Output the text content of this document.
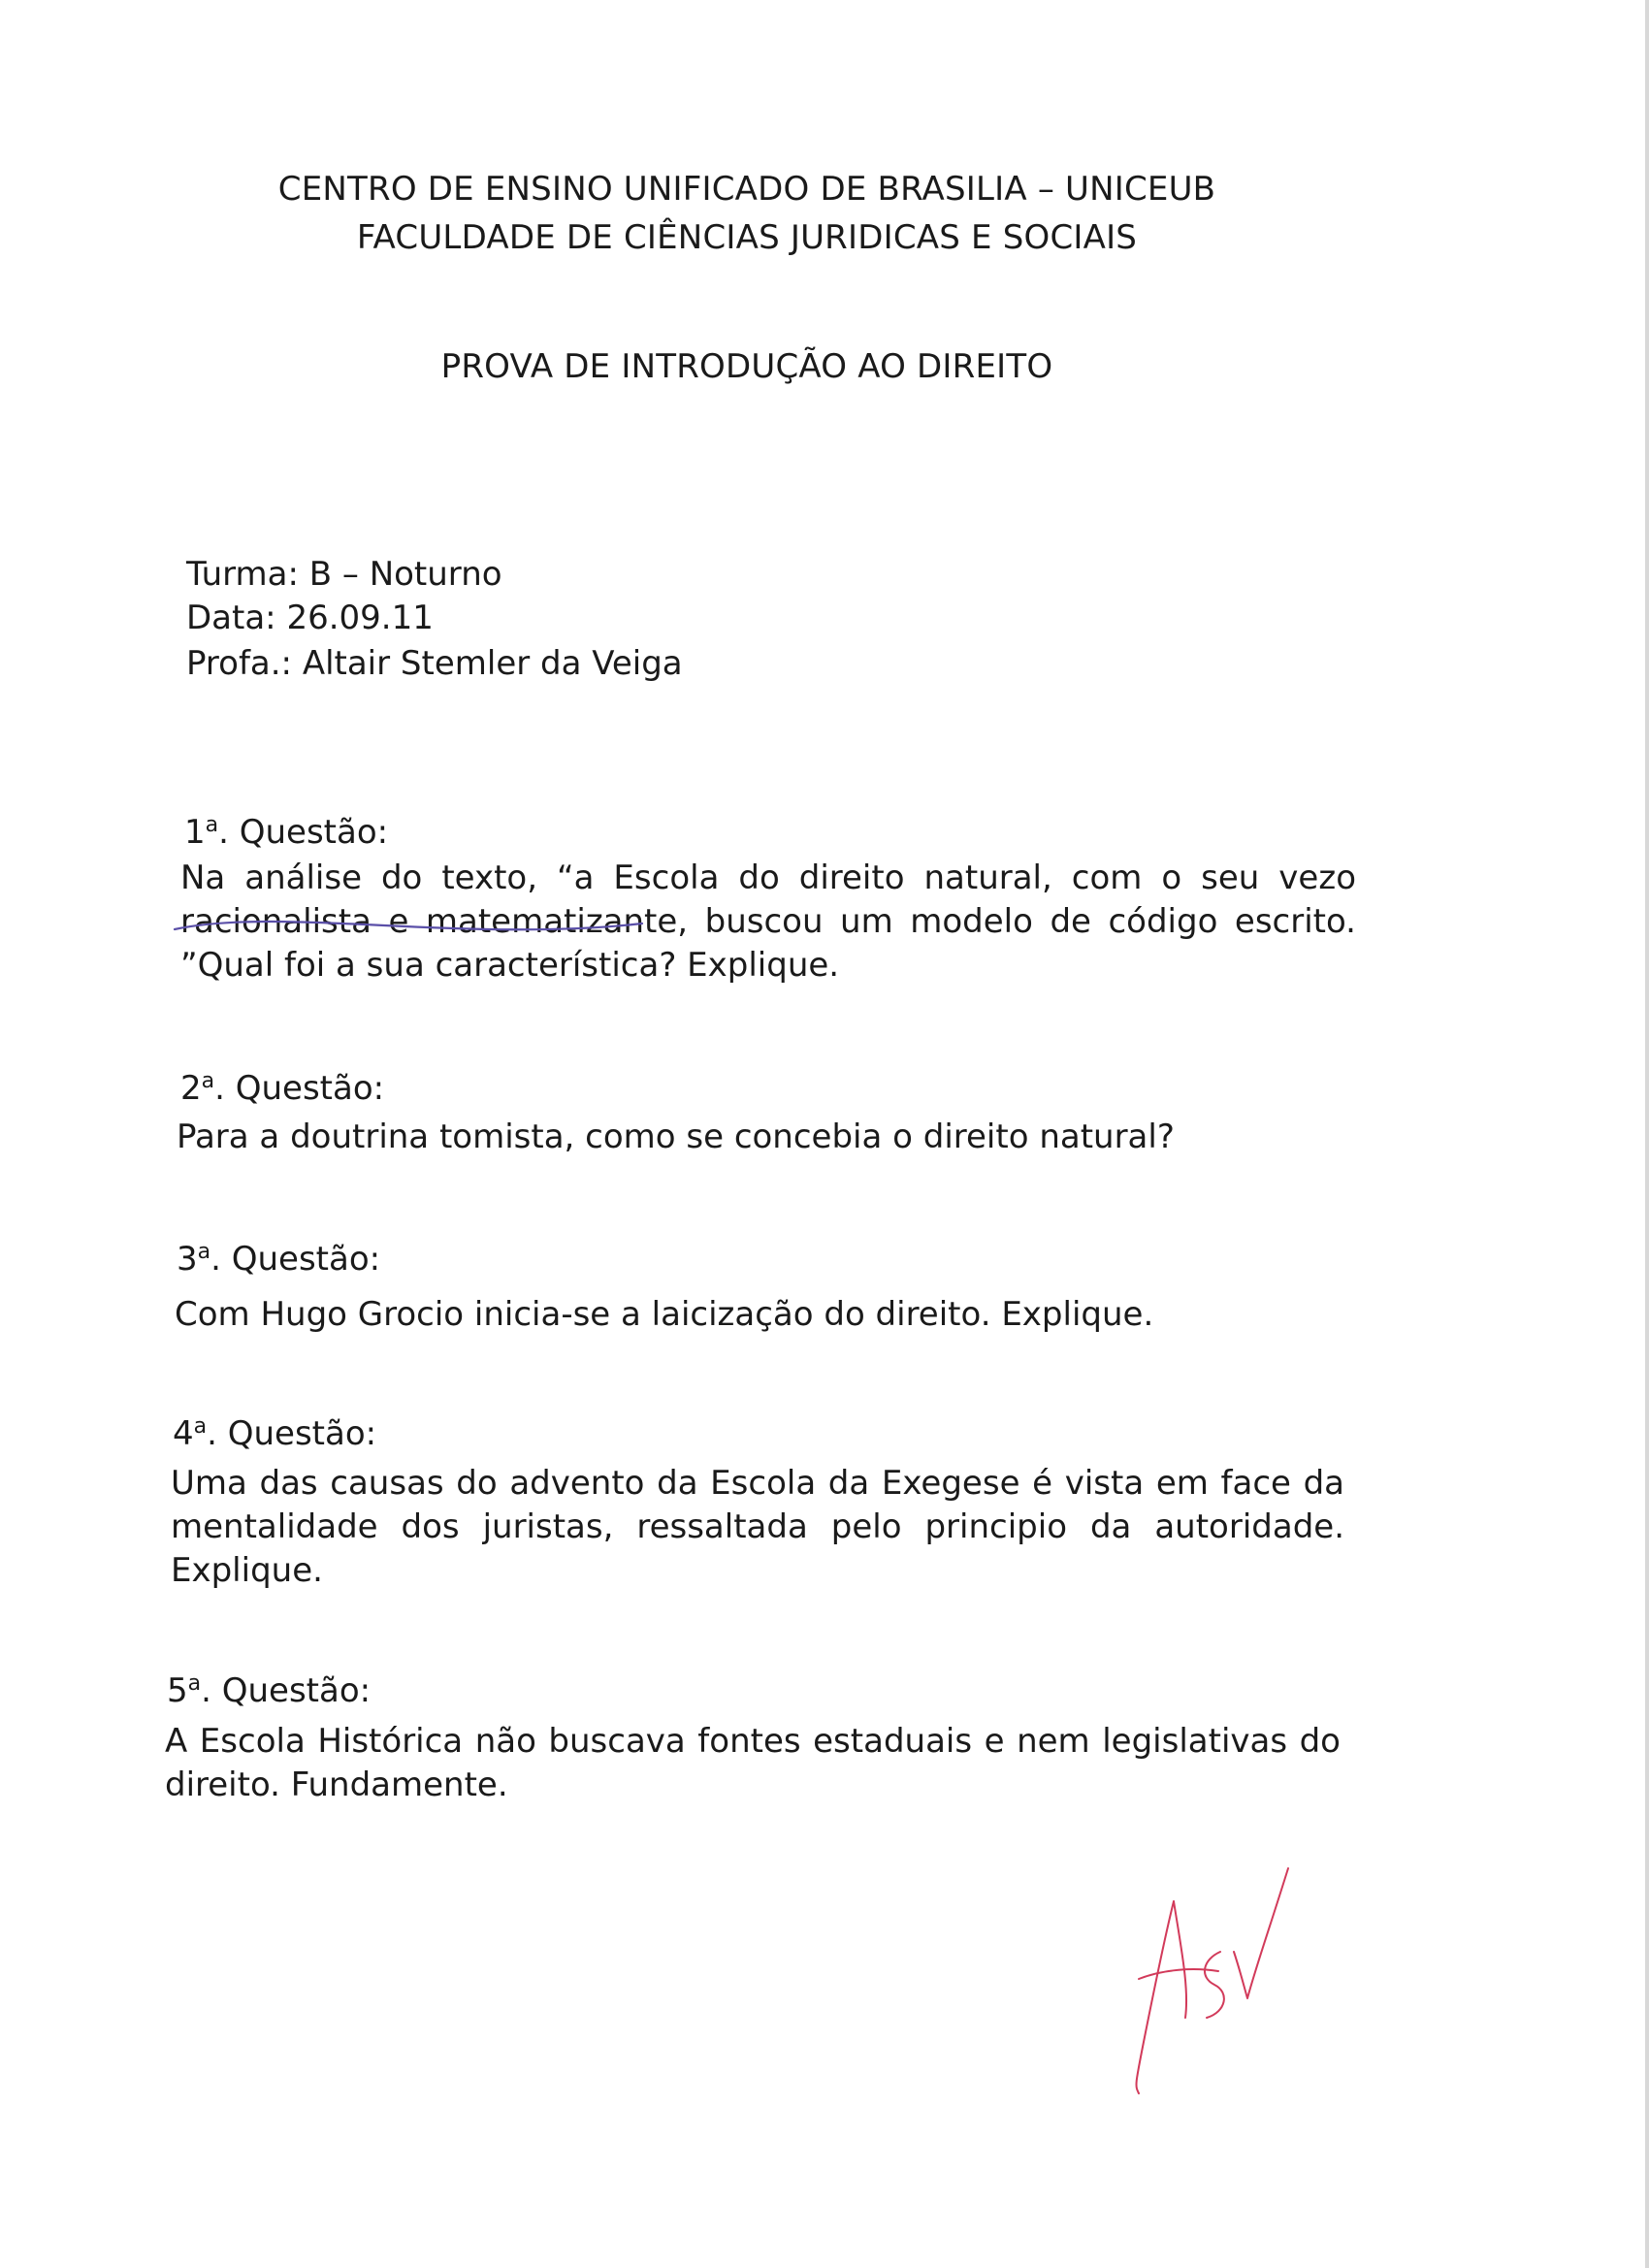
CENTRO DE ENSINO UNIFICADO DE BRASILIA – UNICEUB
FACULDADE DE CIÊNCIAS JURIDICAS E SOCIAIS
PROVA DE INTRODUÇÃO AO DIREITO
Turma: B – Noturno
Data: 26.09.11
Profa.: Altair Stemler da Veiga
1$^a$. Questão:
Na análise do texto, “a Escola do direito natural, com o seu vezo racionalista e matematizante, buscou um modelo de código escrito. ”Qual foi a sua característica? Explique.
2$^a$. Questão:
Para a doutrina tomista, como se concebia o direito natural?
3$^a$. Questão:
Com Hugo Grocio inicia-se a laicização do direito. Explique.
4$^a$. Questão:
Uma das causas do advento da Escola da Exegese é vista em face da mentalidade dos juristas, ressaltada pelo principio da autoridade. Explique.
5$^a$. Questão:
A Escola Histórica não buscava fontes estaduais e nem legislativas do direito. Fundamente.
